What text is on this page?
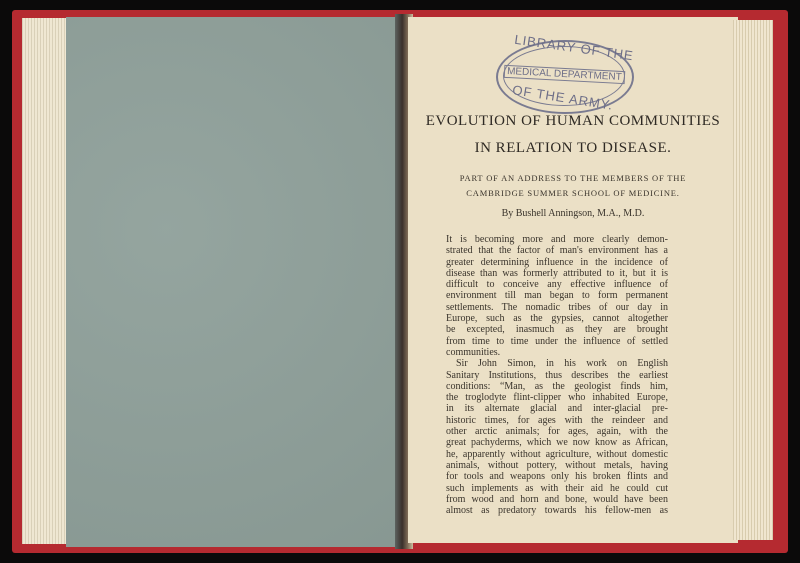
LIBRARY OF THE
MEDICAL DEPARTMENT
OF THE ARMY.
EVOLUTION OF HUMAN COMMUNITIES
IN RELATION TO DISEASE.
PART OF AN ADDRESS TO THE MEMBERS OF THE
CAMBRIDGE SUMMER SCHOOL OF MEDICINE.
By Bushell Anningson, M.A., M.D.
It is becoming more and more clearly demon-
strated that the factor of man's environment has a
greater determining influence in the incidence of
disease than was formerly attributed to it, but it is
difficult to conceive any effective influence of
environment till man began to form permanent
settlements. The nomadic tribes of our day in
Europe, such as the gypsies, cannot altogether
be excepted, inasmuch as they are brought
from time to time under the influence of settled
communities.
Sir John Simon, in his work on English
Sanitary Institutions, thus describes the earliest
conditions: “Man, as the geologist finds him,
the troglodyte flint-clipper who inhabited Europe,
in its alternate glacial and inter-glacial pre-
historic times, for ages with the reindeer and
other arctic animals; for ages, again, with the
great pachyderms, which we now know as African,
he, apparently without agriculture, without domestic
animals, without pottery, without metals, having
for tools and weapons only his broken flints and
such implements as with their aid he could cut
from wood and horn and bone, would have been
almost as predatory towards his fellow-men as
